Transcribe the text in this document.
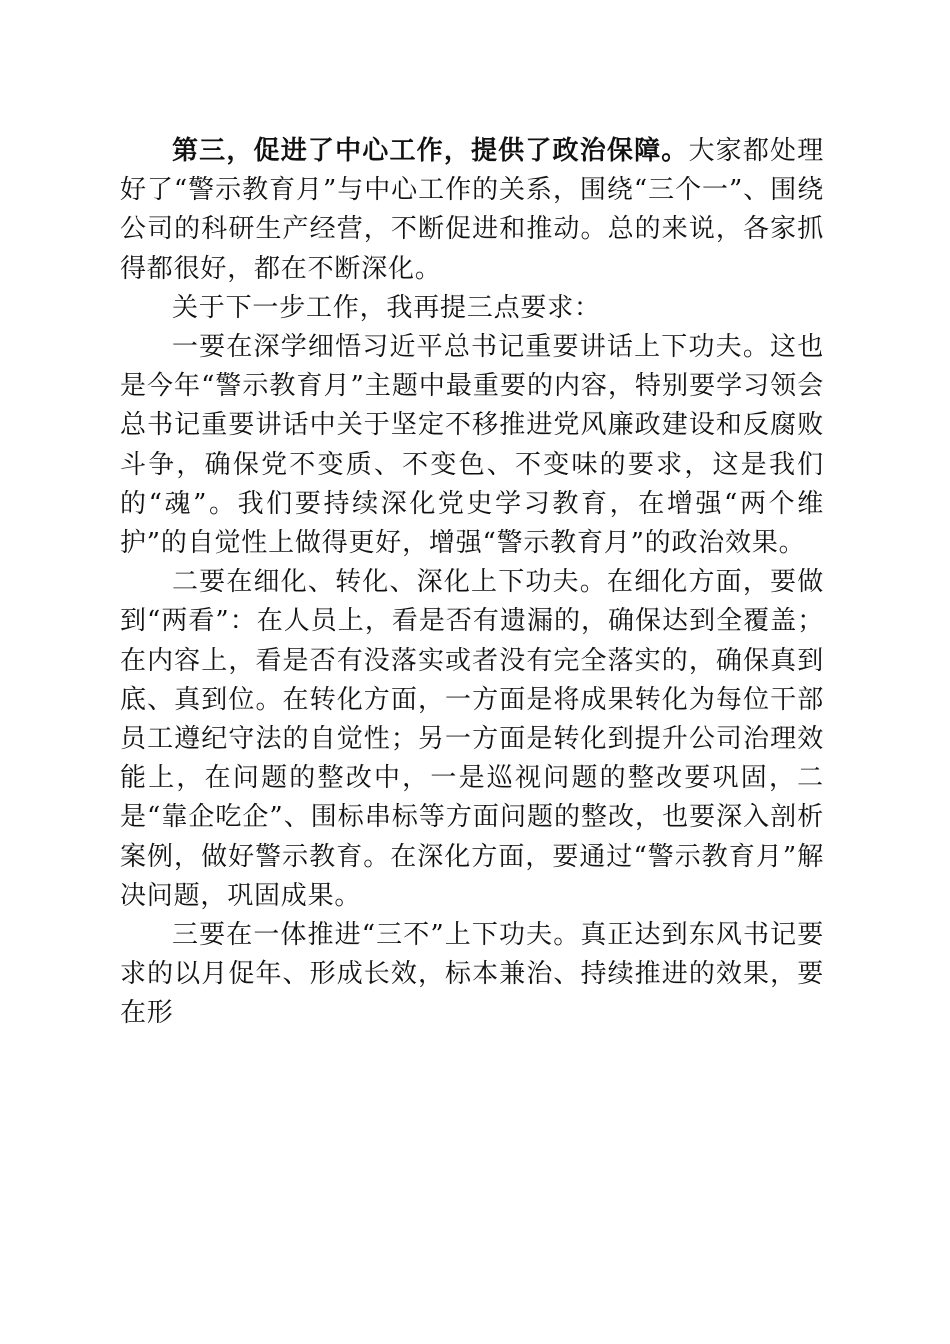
第三，促进了中心工作，提供了政治保障。大家都处理好了“警示教育月”与中心工作的关系，围绕“三个一”、围绕公司的科研生产经营，不断促进和推动。总的来说，各家抓得都很好，都在不断深化。

关于下一步工作，我再提三点要求：

一要在深学细悟习近平总书记重要讲话上下功夫。这也是今年“警示教育月”主题中最重要的内容，特别要学习领会总书记重要讲话中关于坚定不移推进党风廉政建设和反腐败斗争，确保党不变质、不变色、不变味的要求，这是我们的“魂”。我们要持续深化党史学习教育，在增强“两个维护”的自觉性上做得更好，增强“警示教育月”的政治效果。

二要在细化、转化、深化上下功夫。在细化方面，要做到“两看”：在人员上，看是否有遗漏的，确保达到全覆盖；在内容上，看是否有没落实或者没有完全落实的，确保真到底、真到位。在转化方面，一方面是将成果转化为每位干部员工遵纪守法的自觉性；另一方面是转化到提升公司治理效能上，在问题的整改中，一是巡视问题的整改要巩固，二是“靠企吃企”、围标串标等方面问题的整改，也要深入剖析案例，做好警示教育。在深化方面，要通过“警示教育月”解决问题，巩固成果。

三要在一体推进“三不”上下功夫。真正达到东风书记要求的以月促年、形成长效，标本兼治、持续推进的效果，要在形
